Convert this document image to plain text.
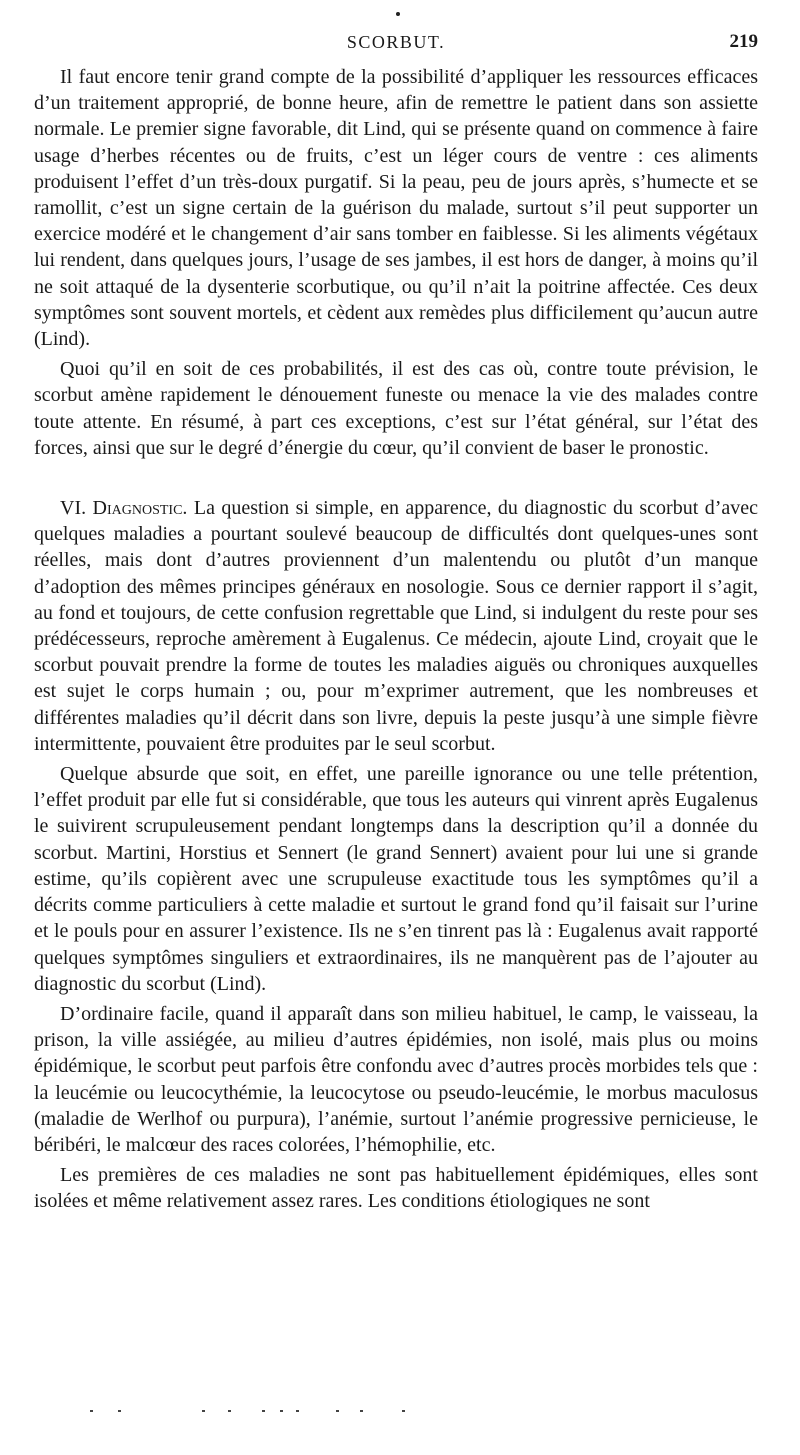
SCORBUT.	219

Il faut encore tenir grand compte de la possibilité d’appliquer les ressources efficaces d’un traitement approprié, de bonne heure, afin de remettre le patient dans son assiette normale. Le premier signe favorable, dit Lind, qui se présente quand on commence à faire usage d’herbes récentes ou de fruits, c’est un léger cours de ventre : ces aliments produisent l’effet d’un très-doux purgatif. Si la peau, peu de jours après, s’humecte et se ramollit, c’est un signe certain de la guérison du malade, surtout s’il peut supporter un exercice modéré et le changement d’air sans tomber en faiblesse. Si les aliments végétaux lui rendent, dans quelques jours, l’usage de ses jambes, il est hors de danger, à moins qu’il ne soit attaqué de la dysenterie scorbutique, ou qu’il n’ait la poitrine affectée. Ces deux symptômes sont souvent mortels, et cèdent aux remèdes plus difficilement qu’aucun autre (Lind).

Quoi qu’il en soit de ces probabilités, il est des cas où, contre toute prévision, le scorbut amène rapidement le dénouement funeste ou menace la vie des malades contre toute attente. En résumé, à part ces exceptions, c’est sur l’état général, sur l’état des forces, ainsi que sur le degré d’énergie du cœur, qu’il convient de baser le pronostic.

VI. Diagnostic. La question si simple, en apparence, du diagnostic du scorbut d’avec quelques maladies a pourtant soulevé beaucoup de difficultés dont quelques-unes sont réelles, mais dont d’autres proviennent d’un malentendu ou plutôt d’un manque d’adoption des mêmes principes généraux en nosologie. Sous ce dernier rapport il s’agit, au fond et toujours, de cette confusion regrettable que Lind, si indulgent du reste pour ses prédécesseurs, reproche amèrement à Eugalenus. Ce médecin, ajoute Lind, croyait que le scorbut pouvait prendre la forme de toutes les maladies aiguës ou chroniques auxquelles est sujet le corps humain ; ou, pour m’exprimer autrement, que les nombreuses et différentes maladies qu’il décrit dans son livre, depuis la peste jusqu’à une simple fièvre intermittente, pouvaient être produites par le seul scorbut.

Quelque absurde que soit, en effet, une pareille ignorance ou une telle prétention, l’effet produit par elle fut si considérable, que tous les auteurs qui vinrent après Eugalenus le suivirent scrupuleusement pendant longtemps dans la description qu’il a donnée du scorbut. Martini, Horstius et Sennert (le grand Sennert) avaient pour lui une si grande estime, qu’ils copièrent avec une scrupuleuse exactitude tous les symptômes qu’il a décrits comme particuliers à cette maladie et surtout le grand fond qu’il faisait sur l’urine et le pouls pour en assurer l’existence. Ils ne s’en tinrent pas là : Eugalenus avait rapporté quelques symptômes singuliers et extraordinaires, ils ne manquèrent pas de l’ajouter au diagnostic du scorbut (Lind).

D’ordinaire facile, quand il apparaît dans son milieu habituel, le camp, le vaisseau, la prison, la ville assiégée, au milieu d’autres épidémies, non isolé, mais plus ou moins épidémique, le scorbut peut parfois être confondu avec d’autres procès morbides tels que : la leucémie ou leucocythémie, la leucocytose ou pseudo-leucémie, le morbus maculosus (maladie de Werlhof ou purpura), l’anémie, surtout l’anémie progressive pernicieuse, le béribéri, le malcœur des races colorées, l’hémophilie, etc.

Les premières de ces maladies ne sont pas habituellement épidémiques, elles sont isolées et même relativement assez rares. Les conditions étiologiques ne sont
